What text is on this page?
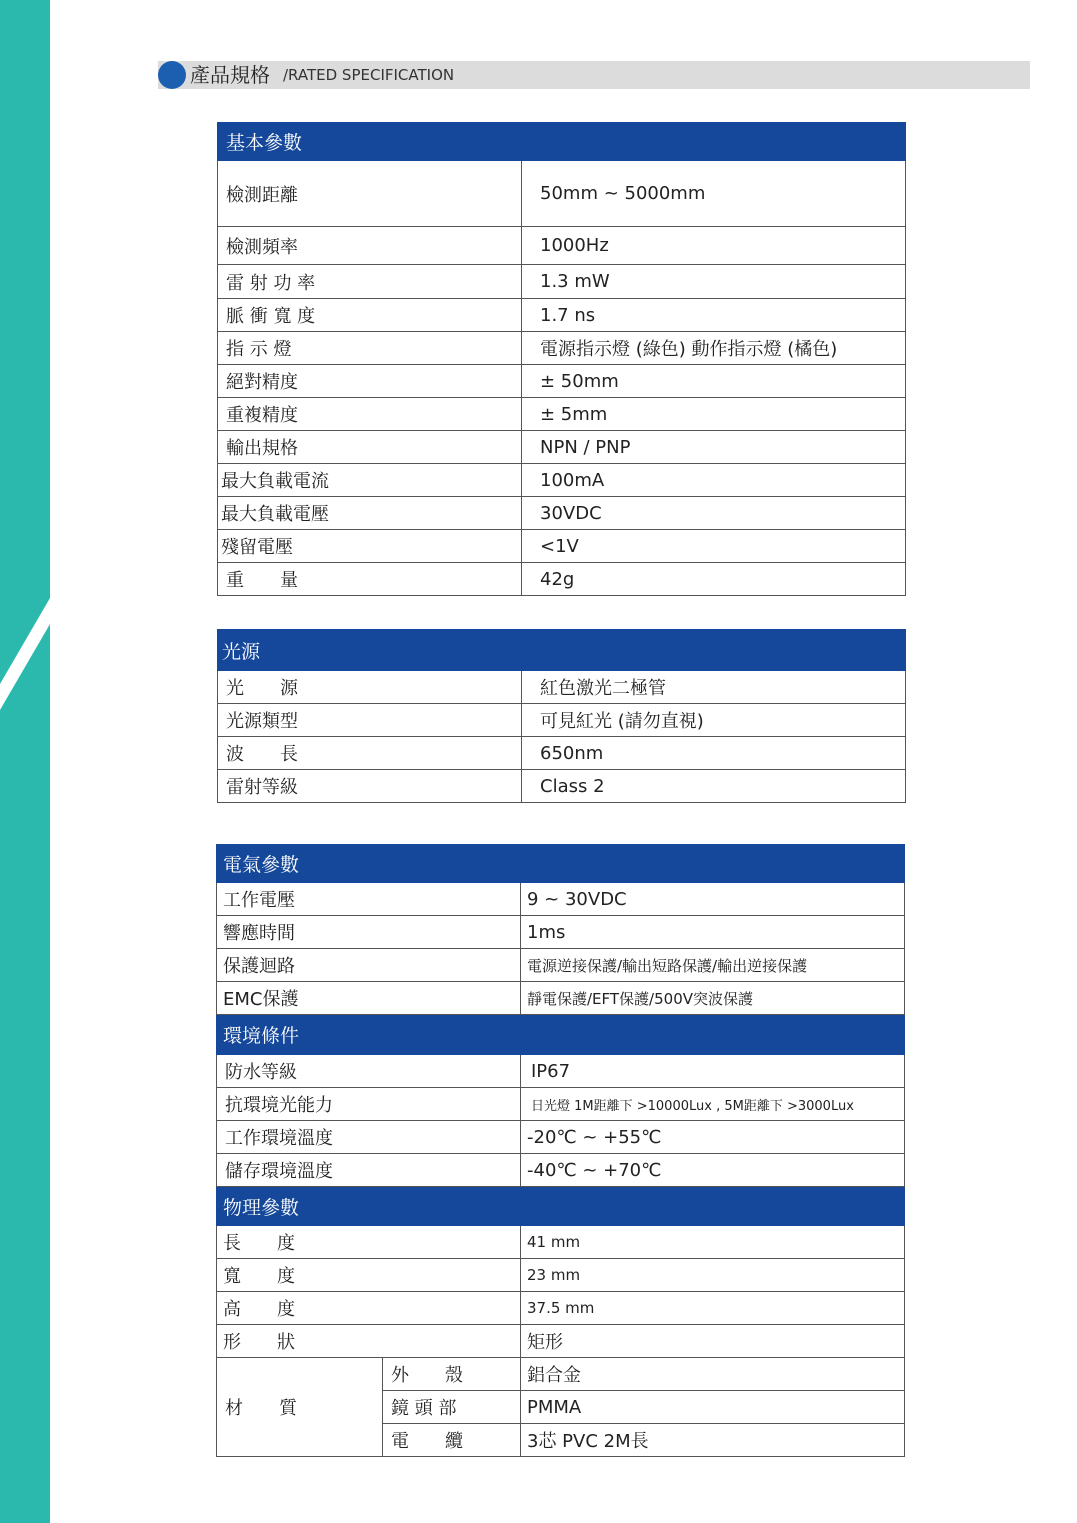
產品規格 /RATED SPECIFICATION
基本參數	
檢測距離	50mm ~ 5000mm
檢測頻率	1000Hz
雷 射 功 率	1.3 mW
脈 衝 寬 度	1.7 ns
指 示 燈	電源指示燈 (綠色) 動作指示燈 (橘色)
絕對精度	± 50mm
重複精度	± 5mm
輸出規格	NPN / PNP
最大負載電流	100mA
最大負載電壓	30VDC
殘留電壓	<1V
重　　量	42g
光源	
光　　源	紅色激光二極管
光源類型	可見紅光 (請勿直視)
波　　長	650nm
雷射等級	Class 2
電氣參數		
工作電壓		9 ~ 30VDC
響應時間		1ms
保護迴路		電源逆接保護/輸出短路保護/輸出逆接保護
EMC保護		靜電保護/EFT保護/500V突波保護
環境條件		
防水等級		IP67
抗環境光能力		日光燈 1M距離下 >10000Lux , 5M距離下 >3000Lux
工作環境溫度		-20℃ ~ +55℃
儲存環境溫度		-40℃ ~ +70℃
物理參數		
長　　度		41 mm
寬　　度		23 mm
高　　度		37.5 mm
形　　狀		矩形
材　　質	外　　殼	鋁合金
	鏡 頭 部	PMMA
	電　　纜	3芯 PVC 2M長
